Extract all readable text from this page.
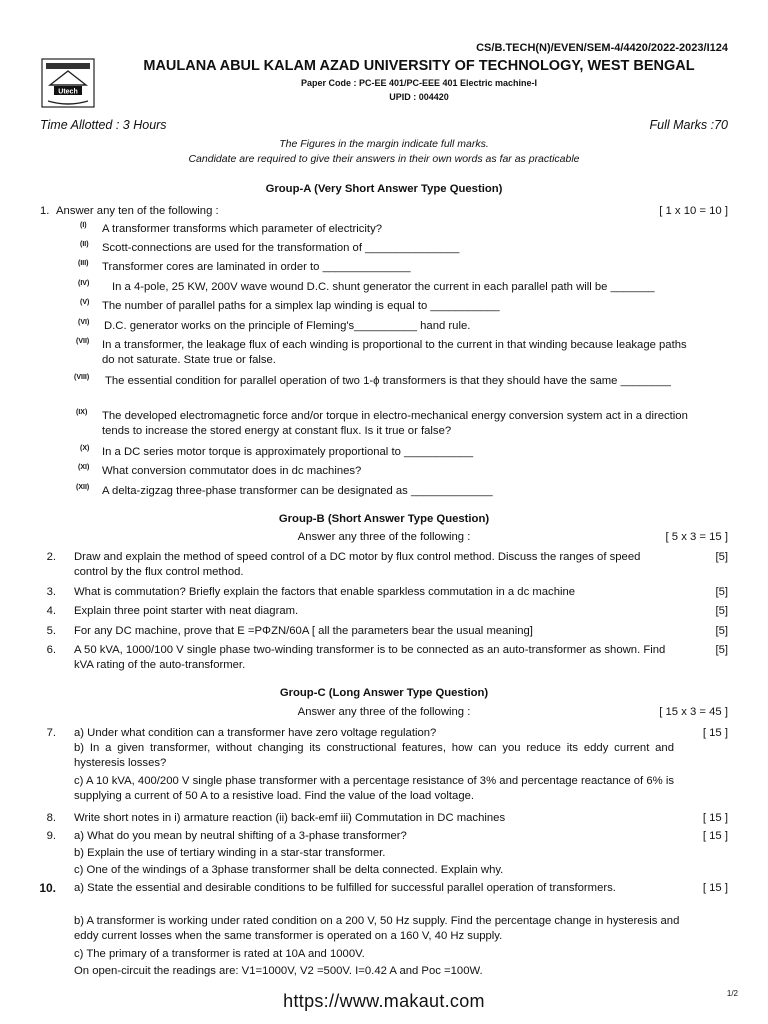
CS/B.TECH(N)/EVEN/SEM-4/4420/2022-2023/I124
Utech
MAULANA ABUL KALAM AZAD UNIVERSITY OF TECHNOLOGY, WEST BENGAL
Paper Code : PC-EE 401/PC-EEE 401 Electric machine-I
UPID : 004420
Time Allotted : 3 Hours	Full Marks :70
The Figures in the margin indicate full marks.
Candidate are required to give their answers in their own words as far as practicable
Group-A (Very Short Answer Type Question)
1. Answer any ten of the following :	[ 1 x 10 = 10 ]
(I)	A transformer transforms which parameter of electricity?
(II)	Scott-connections are used for the transformation of _______________
(III)	Transformer cores are laminated in order to ______________
(IV)	In a 4-pole, 25 KW, 200V wave wound D.C. shunt generator the current in each parallel path will be _______
(V)	The number of parallel paths for a simplex lap winding is equal to ___________
(VI)	D.C. generator works on the principle of Fleming's__________ hand rule.
(VII)	In a transformer, the leakage flux of each winding is proportional to the current in that winding because leakage paths do not saturate. State true or false.
(VIII) The essential condition for parallel operation of two 1-ϕ transformers is that they should have the same ________
(IX)	The developed electromagnetic force and/or torque in electro-mechanical energy conversion system act in a direction tends to increase the stored energy at constant flux. Is it true or false?
(X)	In a DC series motor torque is approximately proportional to ___________
(XI)	What conversion commutator does in dc machines?
(XII)	A delta-zigzag three-phase transformer can be designated as _____________
Group-B (Short Answer Type Question)
Answer any three of the following :	[ 5 x 3 = 15 ]
2. Draw and explain the method of speed control of a DC motor by flux control method. Discuss the ranges of speed control by the flux control method.
[5]
3. What is commutation? Briefly explain the factors that enable sparkless commutation in a dc machine	[5]
4. Explain three point starter with neat diagram.	[5]
5. For any DC machine, prove that E =PΦZN/60A [ all the parameters bear the usual meaning]	[5]
6. A 50 kVA, 1000/100 V single phase two-winding transformer is to be connected as an auto-transformer as shown. Find kVA rating of the auto-transformer.
[5]
Group-C (Long Answer Type Question)
Answer any three of the following :	[ 15 x 3 = 45 ]
7. a) Under what condition can a transformer have zero voltage regulation?	[ 15 ]
b) In a given transformer, without changing its constructional features, how can you reduce its eddy current and hysteresis losses?
c) A 10 kVA, 400/200 V single phase transformer with a percentage resistance of 3% and percentage reactance of 6% is supplying a current of 50 A to a resistive load. Find the value of the load voltage.
8. Write short notes in i) armature reaction (ii) back-emf iii) Commutation in DC machines	[ 15 ]
9. a) What do you mean by neutral shifting of a 3-phase transformer?	[ 15 ]
b) Explain the use of tertiary winding in a star-star transformer.
c) One of the windings of a 3phase transformer shall be delta connected. Explain why.
10. a) State the essential and desirable conditions to be fulfilled for successful parallel operation of transformers.	[ 15 ]
b) A transformer is working under rated condition on a 200 V, 50 Hz supply. Find the percentage change in hysteresis and eddy current losses when the same transformer is operated on a 160 V, 40 Hz supply.
c) The primary of a transformer is rated at 10A and 1000V.
On open-circuit the readings are: V1=1000V, V2 =500V. I=0.42 A and Poc =100W.
https://www.makaut.com	1/2
